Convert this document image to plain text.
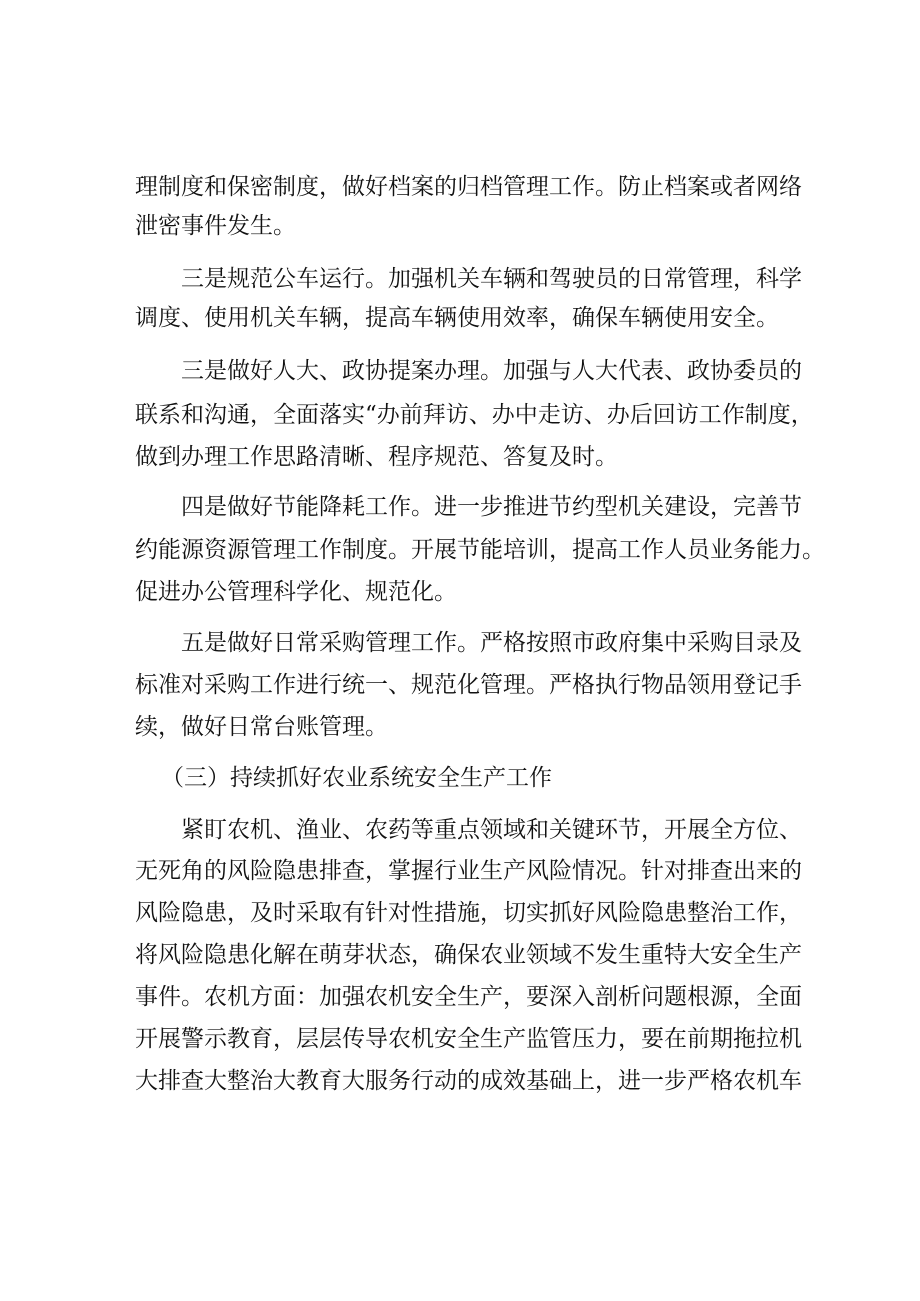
理制度和保密制度，做好档案的归档管理工作。防止档案或者网络
泄密事件发生。
三是规范公车运行。加强机关车辆和驾驶员的日常管理，科学
调度、使用机关车辆，提高车辆使用效率，确保车辆使用安全。
三是做好人大、政协提案办理。加强与人大代表、政协委员的
联系和沟通，全面落实“办前拜访、办中走访、办后回访工作制度，
做到办理工作思路清晰、程序规范、答复及时。
四是做好节能降耗工作。进一步推进节约型机关建设，完善节
约能源资源管理工作制度。开展节能培训，提高工作人员业务能力。
促进办公管理科学化、规范化。
五是做好日常采购管理工作。严格按照市政府集中采购目录及
标准对采购工作进行统一、规范化管理。严格执行物品领用登记手
续，做好日常台账管理。
（三）持续抓好农业系统安全生产工作
紧盯农机、渔业、农药等重点领域和关键环节，开展全方位、
无死角的风险隐患排查，掌握行业生产风险情况。针对排查出来的
风险隐患，及时采取有针对性措施，切实抓好风险隐患整治工作，
将风险隐患化解在萌芽状态，确保农业领域不发生重特大安全生产
事件。农机方面：加强农机安全生产，要深入剖析问题根源，全面
开展警示教育，层层传导农机安全生产监管压力，要在前期拖拉机
大排查大整治大教育大服务行动的成效基础上，进一步严格农机车
